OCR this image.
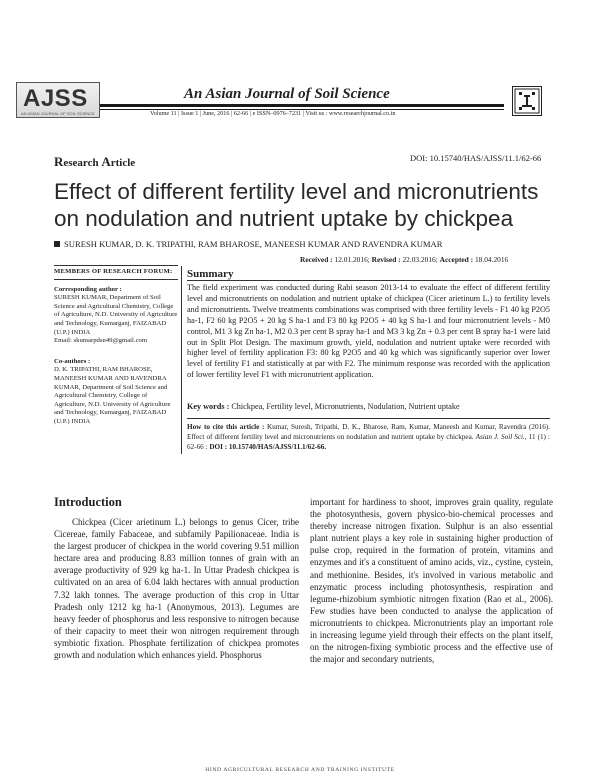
AJSS
AN ASIAN JOURNAL OF SOIL SCIENCE
An Asian Journal of Soil Science
Volume 11 | Issue 1 | June, 2016 | 62-66 | e ISSN–0976–7231 | Visit us : www.researchjournal.co.in
Research Article	DOI: 10.15740/HAS/AJSS/11.1/62-66
Effect of different fertility level and micronutrients on nodulation and nutrient uptake by chickpea
SURESH KUMAR, D. K. TRIPATHI, RAM BHAROSE, MANEESH KUMAR AND RAVENDRA KUMAR
Received : 12.01.2016; Revised : 22.03.2016; Accepted : 18.04.2016
MEMBERS OF RESEARCH FORUM:
Corresponding author :
SURESH KUMAR, Department of Soil Science and Agricultural Chemistry, College of Agriculture, N.D. University of Agriculture and Technology, Kumarganj, FAIZABAD (U.P.) INDIA
Email: skumarpdsn49@gmail.com
Co-authors :
D. K. TRIPATHI, RAM BHAROSE, MANEESH KUMAR AND RAVENDRA KUMAR, Department of Soil Science and Agricultural Chemistry, College of Agriculture, N.D. University of Agriculture and Technology, Kumarganj, FAIZABAD (U.P.) INDIA
Summary
The field experiment was conducted during Rabi season 2013-14 to evaluate the effect of different fertility level and micronutrients on nodulation and nutrient uptake of chickpea (Cicer arietinum L.) to fertility levels and micronutrients. Twelve treatments combinations was comprised with three fertility levels - F1 40 kg P2O5 ha-1, F2 60 kg P2O5 + 20 kg S ha-1 and F3 80 kg P2O5 + 40 kg S ha-1 and four micronutrient levels - M0 control, M1 3 kg Zn ha-1, M2 0.3 per cent B spray ha-1 and M3 3 kg Zn + 0.3 per cent B spray ha-1 were laid out in Split Plot Design. The maximum growth, yield, nodulation and nutrient uptake were recorded with higher level of fertility application F3: 80 kg P2O5 and 40 kg which was significantly superior over lower level of fertility F1 and statistically at par with F2. The minimum response was recorded with the application of lower fertility level F1 with micronutrient application.
Key words : Chickpea, Fertility level, Micronutrients, Nodulation, Nutrient uptake
How to cite this article : Kumar, Suresh, Tripathi, D. K., Bharose, Ram, Kumar, Maneesh and Kumar, Ravendra (2016). Effect of different fertility level and micronutrients on nodulation and nutrient uptake by chickpea. Asian J. Soil Sci., 11 (1) : 62-66 : DOI : 10.15740/HAS/AJSS/11.1/62-66.
Introduction
Chickpea (Cicer arietinum L.) belongs to genus Cicer, tribe Cicereae, family Fabaceae, and subfamily Papilionaceae. India is the largest producer of chickpea in the world covering 9.51 million hectare area and producing 8.83 million tonnes of grain with an average productivity of 929 kg ha-1. In Uttar Pradesh chickpea is cultivated on an area of 6.04 lakh hectares with annual production 7.32 lakh tonnes. The average production of this crop in Uttar Pradesh only 1212 kg ha-1 (Anonymous, 2013). Legumes are heavy feeder of phosphorus and less responsive to nitrogen because of their capacity to meet their won nitrogen requirement through symbiotic fixation. Phosphate fertilization of chickpea promotes growth and nodulation which enhances yield. Phosphorus
important for hardiness to shoot, improves grain quality, regulate the photosynthesis, govern physico-bio-chemical processes and thereby increase nitrogen fixation. Sulphur is an also essential plant nutrient plays a key role in sustaining higher production of pulse crop, required in the formation of protein, vitamins and enzymes and it's a constituent of amino acids, viz., cystine, cystein, and methionine. Besides, it's involved in various metabolic and enzymatic process including photosynthesis, respiration and legume-rhizobium symbiotic nitrogen fixation (Rao et al., 2006). Few studies have been conducted to analyse the application of micronutrients to chickpea. Micronutrients play an important role in increasing legume yield through their effects on the plant itself, on the nitrogen-fixing symbiotic process and the effective use of the major and secondary nutrients,
HIND AGRICULTURAL RESEARCH AND TRAINING INSTITUTE
